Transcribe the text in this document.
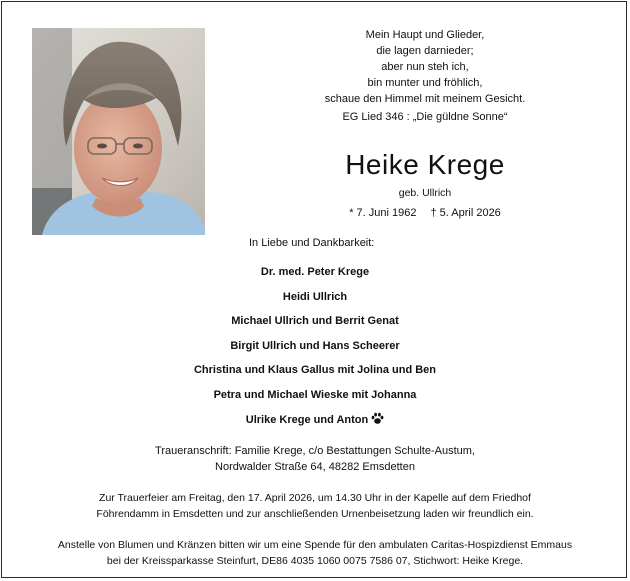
Mein Haupt und Glieder,
die lagen darnieder;
aber nun steh ich,
bin munter und fröhlich,
schaue den Himmel mit meinem Gesicht.
EG Lied 346 : „Die güldne Sonne“
Heike Krege
geb. Ullrich
* 7. Juni 1962 † 5. April 2026
In Liebe und Dankbarkeit:
Dr. med. Peter Krege
Heidi Ullrich
Michael Ullrich und Berrit Genat
Birgit Ullrich und Hans Scheerer
Christina und Klaus Gallus mit Jolina und Ben
Petra und Michael Wieske mit Johanna
Ulrike Krege und Anton
Traueranschrift: Familie Krege, c/o Bestattungen Schulte-Austum,
Nordwalder Straße 64, 48282 Emsdetten
Zur Trauerfeier am Freitag, den 17. April 2026, um 14.30 Uhr in der Kapelle auf dem Friedhof
Föhrendamm in Emsdetten und zur anschließenden Urnenbeisetzung laden wir freundlich ein.
Anstelle von Blumen und Kränzen bitten wir um eine Spende für den ambulaten Caritas-Hospizdienst Emmaus
bei der Kreissparkasse Steinfurt, DE86 4035 1060 0075 7586 07, Stichwort: Heike Krege.
